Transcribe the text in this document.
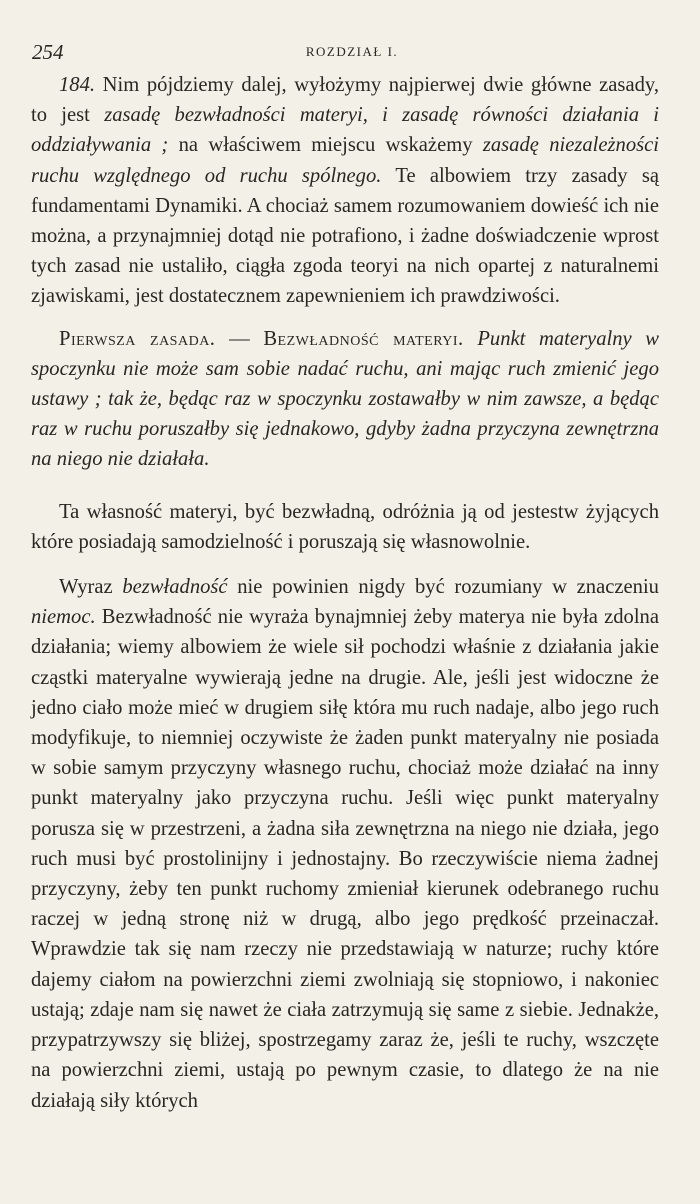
254	ROZDZIAŁ I.

184. Nim pójdziemy dalej, wyłożymy najpierwej dwie główne zasady, to jest zasadę bezwładności materyi, i zasadę równości działania i oddziaływania ; na właściwem miejscu wskażemy zasadę niezależności ruchu względnego od ruchu spólnego. Te albowiem trzy zasady są fundamentami Dynamiki. A chociaż samem rozumowaniem dowieść ich nie można, a przynajmniej dotąd nie potrafiono, i żadne doświadczenie wprost tych zasad nie ustaliło, ciągła zgoda teoryi na nich opartej z naturalnemi zjawiskami, jest dostatecznem zapewnieniem ich prawdziwości.

Pierwsza zasada. — Bezwładność materyi. Punkt materyalny w spoczynku nie może sam sobie nadać ruchu, ani mając ruch zmienić jego ustawy ; tak że, będąc raz w spoczynku zostawałby w nim zawsze, a będąc raz w ruchu poruszałby się jednakowo, gdyby żadna przyczyna zewnętrzna na niego nie działała.

Ta własność materyi, być bezwładną, odróżnia ją od jestestw żyjących które posiadają samodzielność i poruszają się własnowolnie.

Wyraz bezwładność nie powinien nigdy być rozumiany w znaczeniu niemoc. Bezwładność nie wyraża bynajmniej żeby materya nie była zdolna działania; wiemy albowiem że wiele sił pochodzi właśnie z działania jakie cząstki materyalne wywierają jedne na drugie. Ale, jeśli jest widoczne że jedno ciało może mieć w drugiem siłę która mu ruch nadaje, albo jego ruch modyfikuje, to niemniej oczywiste że żaden punkt materyalny nie posiada w sobie samym przyczyny własnego ruchu, chociaż może działać na inny punkt materyalny jako przyczyna ruchu. Jeśli więc punkt materyalny porusza się w przestrzeni, a żadna siła zewnętrzna na niego nie działa, jego ruch musi być prostolinijny i jednostajny. Bo rzeczywiście niema żadnej przyczyny, żeby ten punkt ruchomy zmieniał kierunek odebranego ruchu raczej w jedną stronę niż w drugą, albo jego prędkość przeinaczał. Wprawdzie tak się nam rzeczy nie przedstawiają w naturze; ruchy które dajemy ciałom na powierzchni ziemi zwolniają się stopniowo, i nakoniec ustają; zdaje nam się nawet że ciała zatrzymują się same z siebie. Jednakże, przypatrzywszy się bliżej, spostrzegamy zaraz że, jeśli te ruchy, wszczęte na powierzchni ziemi, ustają po pewnym czasie, to dlatego że na nie działają siły których
